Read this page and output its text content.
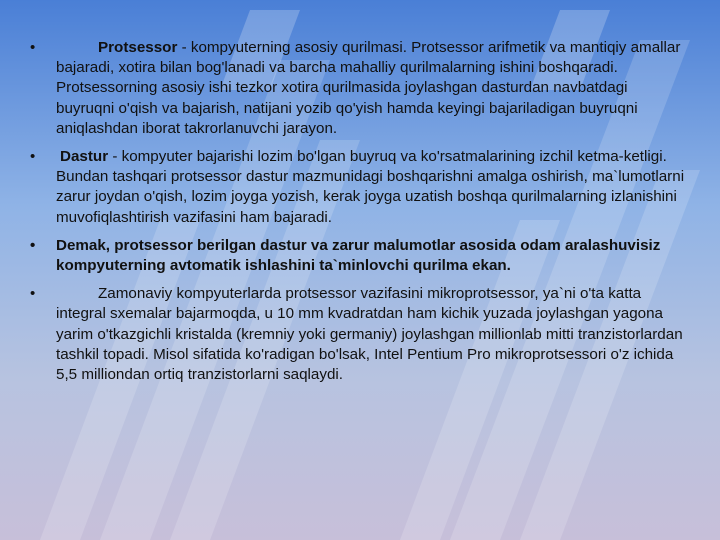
•	Protsessor - kompyuterning asosiy qurilmasi. Protsessor arifmetik va mantiqiy amallar bajaradi, xotira bilan bog'lanadi va barcha mahalliy qurilmalarning ishini boshqaradi. Protsessorning asosiy ishi tezkor xotira qurilmasida joylashgan dasturdan navbatdagi buyruqni o'qish va bajarish, natijani yozib qo'yish hamda keyingi bajariladigan buyruqni aniqlashdan iborat takrorlanuvchi jarayon.
• Dastur - kompyuter bajarishi lozim bo'lgan buyruq va ko'rsatmalarining izchil ketma-ketligi. Bundan tashqari protsessor dastur mazmunidagi boshqarishni amalga oshirish, ma`lumotlarni zarur joydan o'qish, lozim joyga yozish, kerak joyga uzatish boshqa qurilmalarning izlanishini muvofiqlashtirish vazifasini ham bajaradi.
• Demak, protsessor berilgan dastur va zarur malumotlar asosida odam aralashuvisiz kompyuterning avtomatik ishlashini ta`minlovchi qurilma ekan.
•	Zamonaviy kompyuterlarda protsessor vazifasini mikroprotsessor, ya`ni o'ta katta integral sxemalar bajarmoqda, u 10 mm kvadratdan ham kichik yuzada joylashgan yagona yarim o'tkazgichli kristalda (kremniy yoki germaniy) joylashgan millionlab mitti tranzistorlardan tashkil topadi. Misol sifatida ko'radigan bo'lsak, Intel Pentium Pro mikroprotsessori o'z ichida 5,5 milliondan ortiq tranzistorlarni saqlaydi.
